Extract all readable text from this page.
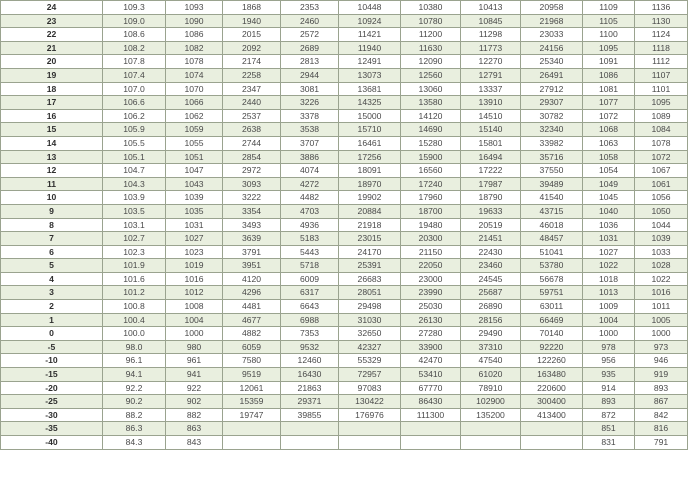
24	109.3	1093	1868	2353	10448	10380	10413	20958	1109	1136
23	109.0	1090	1940	2460	10924	10780	10845	21968	1105	1130
22	108.6	1086	2015	2572	11421	11200	11298	23033	1100	1124
21	108.2	1082	2092	2689	11940	11630	11773	24156	1095	1118
20	107.8	1078	2174	2813	12491	12090	12270	25340	1091	1112
19	107.4	1074	2258	2944	13073	12560	12791	26491	1086	1107
18	107.0	1070	2347	3081	13681	13060	13337	27912	1081	1101
17	106.6	1066	2440	3226	14325	13580	13910	29307	1077	1095
16	106.2	1062	2537	3378	15000	14120	14510	30782	1072	1089
15	105.9	1059	2638	3538	15710	14690	15140	32340	1068	1084
14	105.5	1055	2744	3707	16461	15280	15801	33982	1063	1078
13	105.1	1051	2854	3886	17256	15900	16494	35716	1058	1072
12	104.7	1047	2972	4074	18091	16560	17222	37550	1054	1067
11	104.3	1043	3093	4272	18970	17240	17987	39489	1049	1061
10	103.9	1039	3222	4482	19902	17960	18790	41540	1045	1056
9	103.5	1035	3354	4703	20884	18700	19633	43715	1040	1050
8	103.1	1031	3493	4936	21918	19480	20519	46018	1036	1044
7	102.7	1027	3639	5183	23015	20300	21451	48457	1031	1039
6	102.3	1023	3791	5443	24170	21150	22430	51041	1027	1033
5	101.9	1019	3951	5718	25391	22050	23460	53780	1022	1028
4	101.6	1016	4120	6009	26683	23000	24545	56678	1018	1022
3	101.2	1012	4296	6317	28051	23990	25687	59751	1013	1016
2	100.8	1008	4481	6643	29498	25030	26890	63011	1009	1011
1	100.4	1004	4677	6988	31030	26130	28156	66469	1004	1005
0	100.0	1000	4882	7353	32650	27280	29490	70140	1000	1000
-5	98.0	980	6059	9532	42327	33900	37310	92220	978	973
-10	96.1	961	7580	12460	55329	42470	47540	122260	956	946
-15	94.1	941	9519	16430	72957	53410	61020	163480	935	919
-20	92.2	922	12061	21863	97083	67770	78910	220600	914	893
-25	90.2	902	15359	29371	130422	86430	102900	300400	893	867
-30	88.2	882	19747	39855	176976	111300	135200	413400	872	842
-35	86.3	863							851	816
-40	84.3	843							831	791
